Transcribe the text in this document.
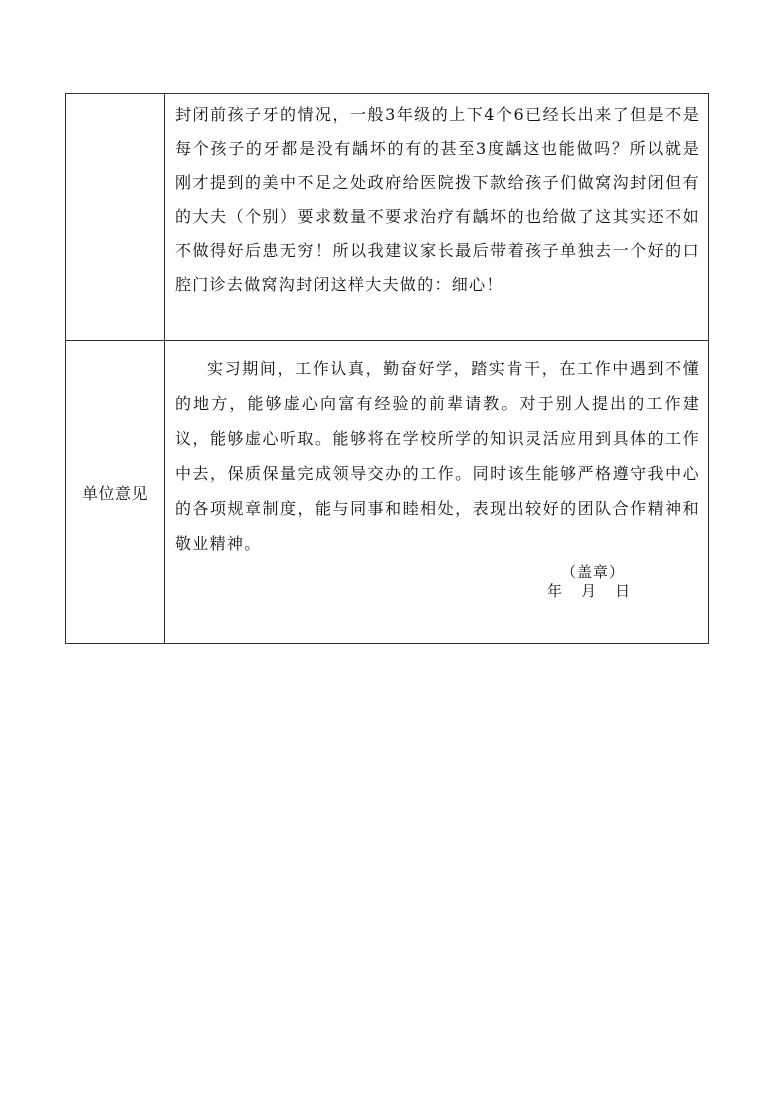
	封闭前孩子牙的情况，一般3年级的上下4个6已经长出来了但是不是每个孩子的牙都是没有龋坏的有的甚至3度龋这也能做吗？所以就是刚才提到的美中不足之处政府给医院拨下款给孩子们做窝沟封闭但有的大夫（个别）要求数量不要求治疗有龋坏的也给做了这其实还不如不做得好后患无穷！所以我建议家长最后带着孩子单独去一个好的口腔门诊去做窝沟封闭这样大夫做的：细心！
单位意见	实习期间，工作认真，勤奋好学，踏实肯干，在工作中遇到不懂的地方，能够虚心向富有经验的前辈请教。对于别人提出的工作建议，能够虚心听取。能够将在学校所学的知识灵活应用到具体的工作中去，保质保量完成领导交办的工作。同时该生能够严格遵守我中心的各项规章制度，能与同事和睦相处，表现出较好的团队合作精神和敬业精神。

（盖章）
年    月    日
